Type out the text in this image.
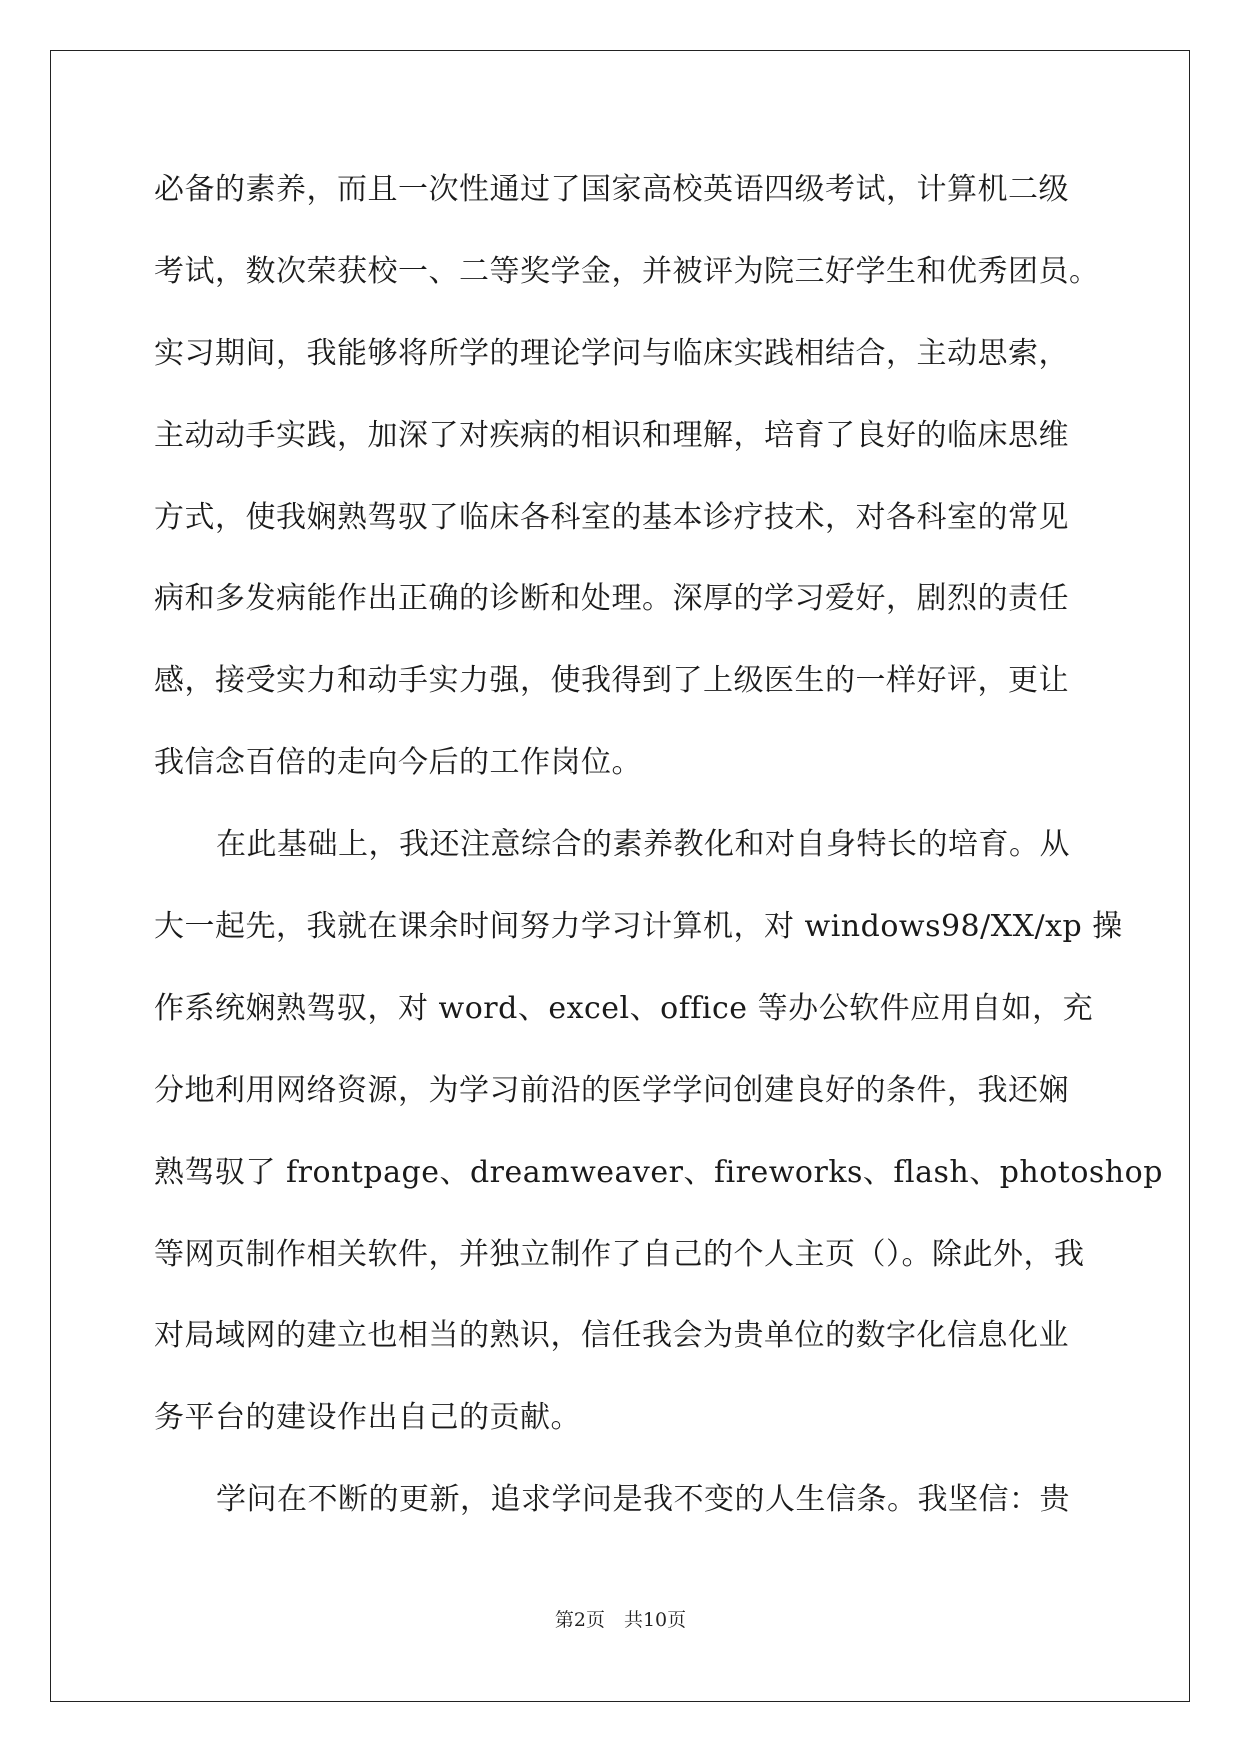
必备的素养，而且一次性通过了国家高校英语四级考试，计算机二级
考试，数次荣获校一、二等奖学金，并被评为院三好学生和优秀团员。
实习期间，我能够将所学的理论学问与临床实践相结合，主动思索，
主动动手实践，加深了对疾病的相识和理解，培育了良好的临床思维
方式，使我娴熟驾驭了临床各科室的基本诊疗技术，对各科室的常见
病和多发病能作出正确的诊断和处理。深厚的学习爱好，剧烈的责任
感，接受实力和动手实力强，使我得到了上级医生的一样好评，更让
我信念百倍的走向今后的工作岗位。
在此基础上，我还注意综合的素养教化和对自身特长的培育。从
大一起先，我就在课余时间努力学习计算机，对 windows98/XX/xp 操
作系统娴熟驾驭，对 word、excel、office 等办公软件应用自如，充
分地利用网络资源，为学习前沿的医学学问创建良好的条件，我还娴
熟驾驭了 frontpage、dreamweaver、fireworks、flash、photoshop
等网页制作相关软件，并独立制作了自己的个人主页（）。除此外，我
对局域网的建立也相当的熟识，信任我会为贵单位的数字化信息化业
务平台的建设作出自己的贡献。
学问在不断的更新，追求学问是我不变的人生信条。我坚信：贵
第2页　共10页
